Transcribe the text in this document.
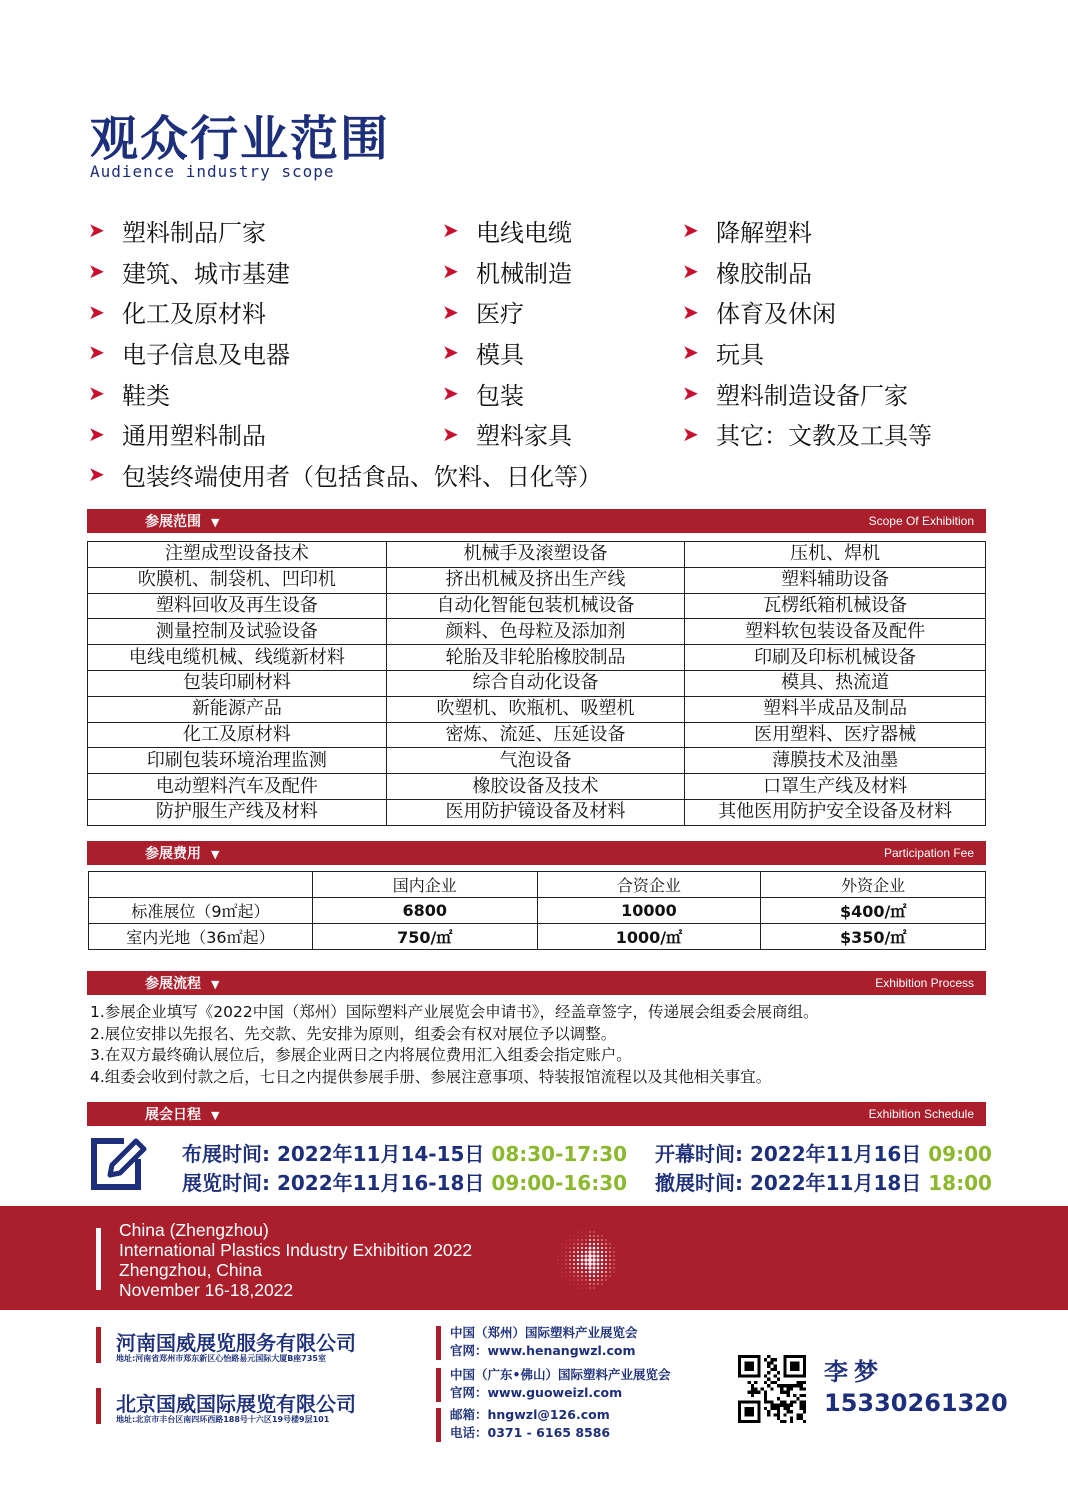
观众行业范围
Audience industry scope
➤ 塑料制品厂家
➤ 建筑、城市基建
➤ 化工及原材料
➤ 电子信息及电器
➤ 鞋类
➤ 通用塑料制品
➤ 包装终端使用者（包括食品、饮料、日化等）
➤ 电线电缆
➤ 机械制造
➤ 医疗
➤ 模具
➤ 包装
➤ 塑料家具
➤ 降解塑料
➤ 橡胶制品
➤ 体育及休闲
➤ 玩具
➤ 塑料制造设备厂家
➤ 其它：文教及工具等
参展范围 ▼	Scope Of Exhibition
注塑成型设备技术	机械手及滚塑设备	压机、焊机
吹膜机、制袋机、凹印机	挤出机械及挤出生产线	塑料辅助设备
塑料回收及再生设备	自动化智能包装机械设备	瓦楞纸箱机械设备
测量控制及试验设备	颜料、色母粒及添加剂	塑料软包装设备及配件
电线电缆机械、线缆新材料	轮胎及非轮胎橡胶制品	印刷及印标机械设备
包装印刷材料	综合自动化设备	模具、热流道
新能源产品	吹塑机、吹瓶机、吸塑机	塑料半成品及制品
化工及原材料	密炼、流延、压延设备	医用塑料、医疗器械
印刷包装环境治理监测	气泡设备	薄膜技术及油墨
电动塑料汽车及配件	橡胶设备及技术	口罩生产线及材料
防护服生产线及材料	医用防护镜设备及材料	其他医用防护安全设备及材料
参展费用 ▼	Participation Fee
	国内企业	合资企业	外资企业
标准展位（9㎡起）	6800	10000	$400/㎡
室内光地（36㎡起）	750/㎡	1000/㎡	$350/㎡
参展流程 ▼	Exhibition Process
1.参展企业填写《2022中国（郑州）国际塑料产业展览会申请书》，经盖章签字，传递展会组委会展商组。
2.展位安排以先报名、先交款、先安排为原则，组委会有权对展位予以调整。
3.在双方最终确认展位后，参展企业两日之内将展位费用汇入组委会指定账户。
4.组委会收到付款之后，七日之内提供参展手册、参展注意事项、特装报馆流程以及其他相关事宜。
展会日程 ▼	Exhibition Schedule
布展时间: 2022年11月14-15日 08:30-17:30 开幕时间: 2022年11月16日 09:00
展览时间: 2022年11月16-18日 09:00-16:30 撤展时间: 2022年11月18日 18:00
China (Zhengzhou)
International Plastics Industry Exhibition 2022
Zhengzhou, China
November 16-18,2022
河南国威展览服务有限公司
地址:河南省郑州市郑东新区心怡路易元国际大厦B座735室
北京国威国际展览有限公司
地址:北京市丰台区南四环西路188号十六区19号楼9层101
中国（郑州）国际塑料产业展览会
官网：www.henangwzl.com
中国（广东•佛山）国际塑料产业展览会
官网：www.guoweizl.com
邮箱：hngwzl@126.com
电话：0371 - 6165 8586
李梦
15330261320
